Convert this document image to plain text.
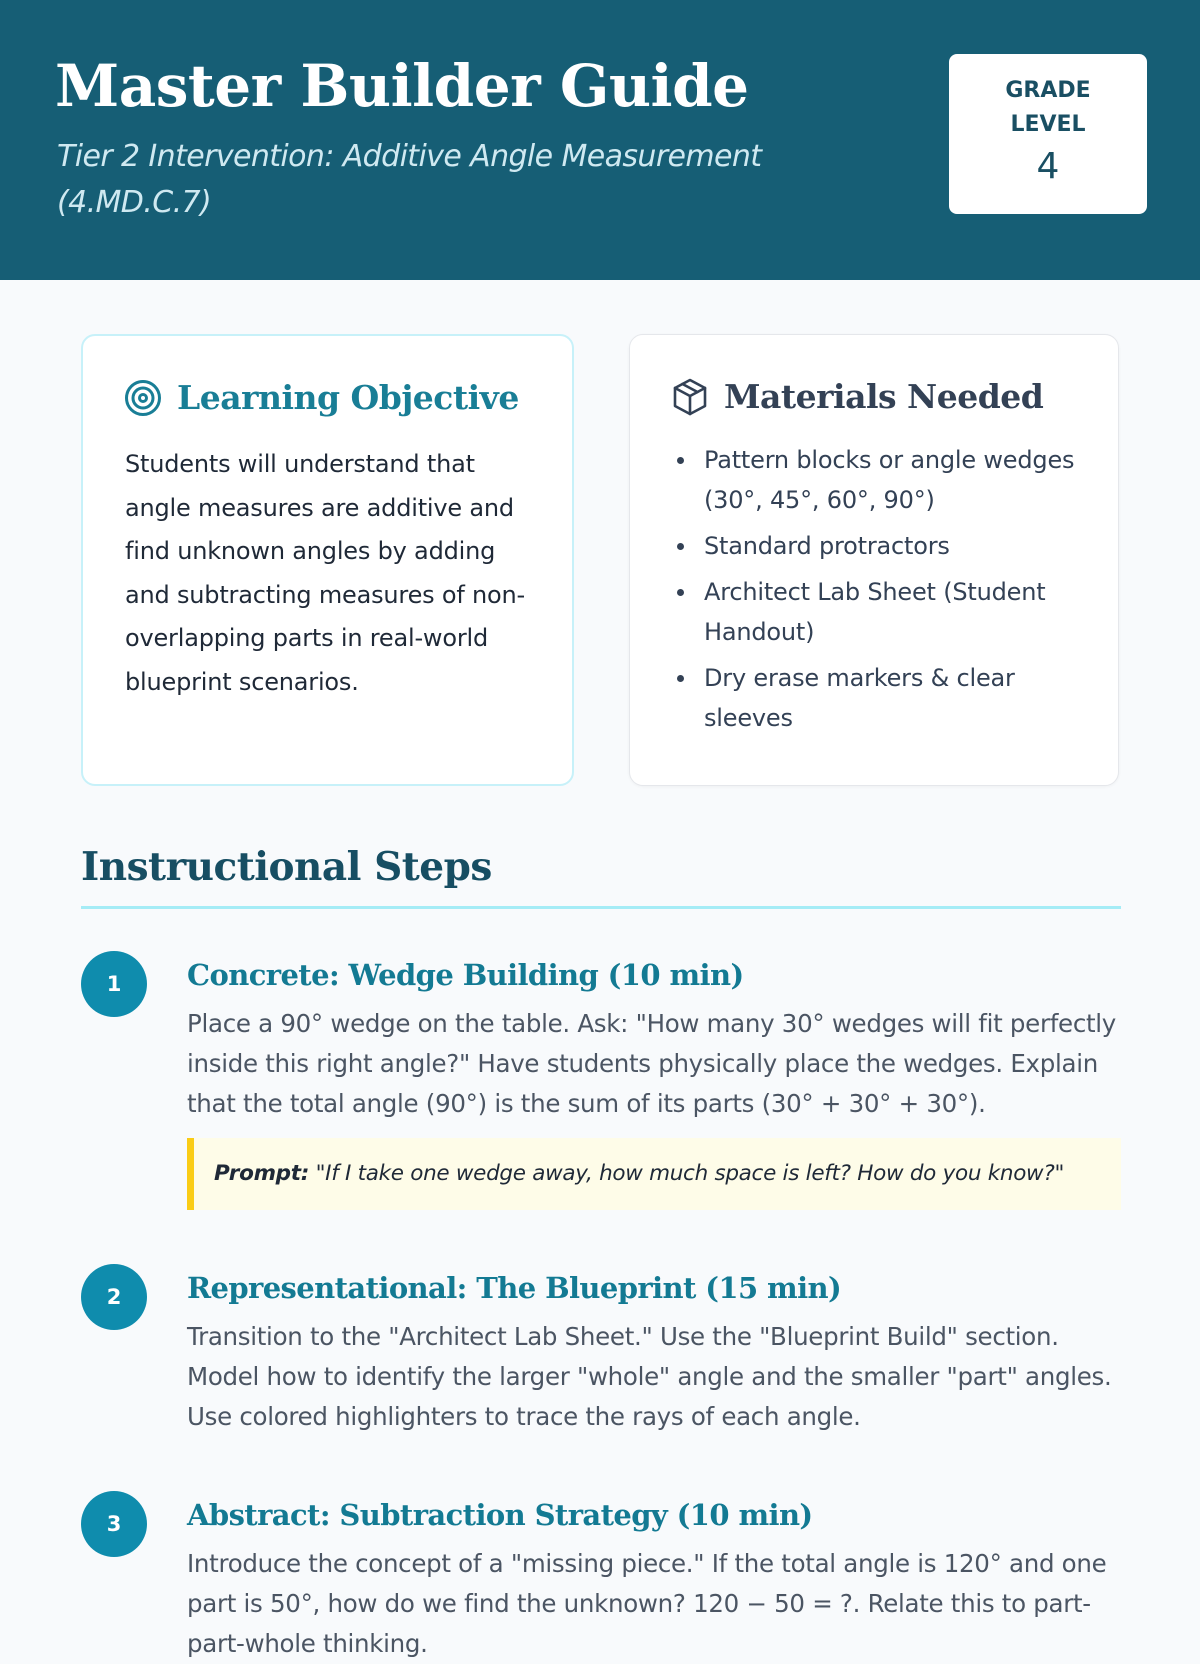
Master Builder Guide

Tier 2 Intervention: Additive Angle Measurement (4.MD.C.7)

GRADE LEVEL
4
Learning Objective

Students will understand that angle measures are additive and find unknown angles by adding and subtracting measures of non-overlapping parts in real-world blueprint scenarios.

Materials Needed
Pattern blocks or angle wedges (30°, 45°, 60°, 90°)
Standard protractors
Architect Lab Sheet (Student Handout)
Dry erase markers & clear sleeves
Instructional Steps
1	Concrete: Wedge Building (10 min)

Place a 90° wedge on the table. Ask: "How many 30° wedges will fit perfectly inside this right angle?" Have students physically place the wedges. Explain that the total angle (90°) is the sum of its parts (30° + 30° + 30°).

Prompt: "If I take one wedge away, how much space is left? How do you know?"
2	Representational: The Blueprint (15 min)

Transition to the "Architect Lab Sheet." Use the "Blueprint Build" section. Model how to identify the larger "whole" angle and the smaller "part" angles. Use colored highlighters to trace the rays of each angle.

3	Abstract: Subtraction Strategy (10 min)

Introduce the concept of a "missing piece." If the total angle is 120° and one part is 50°, how do we find the unknown? 120 − 50 = ?. Relate this to part-part-whole thinking.
